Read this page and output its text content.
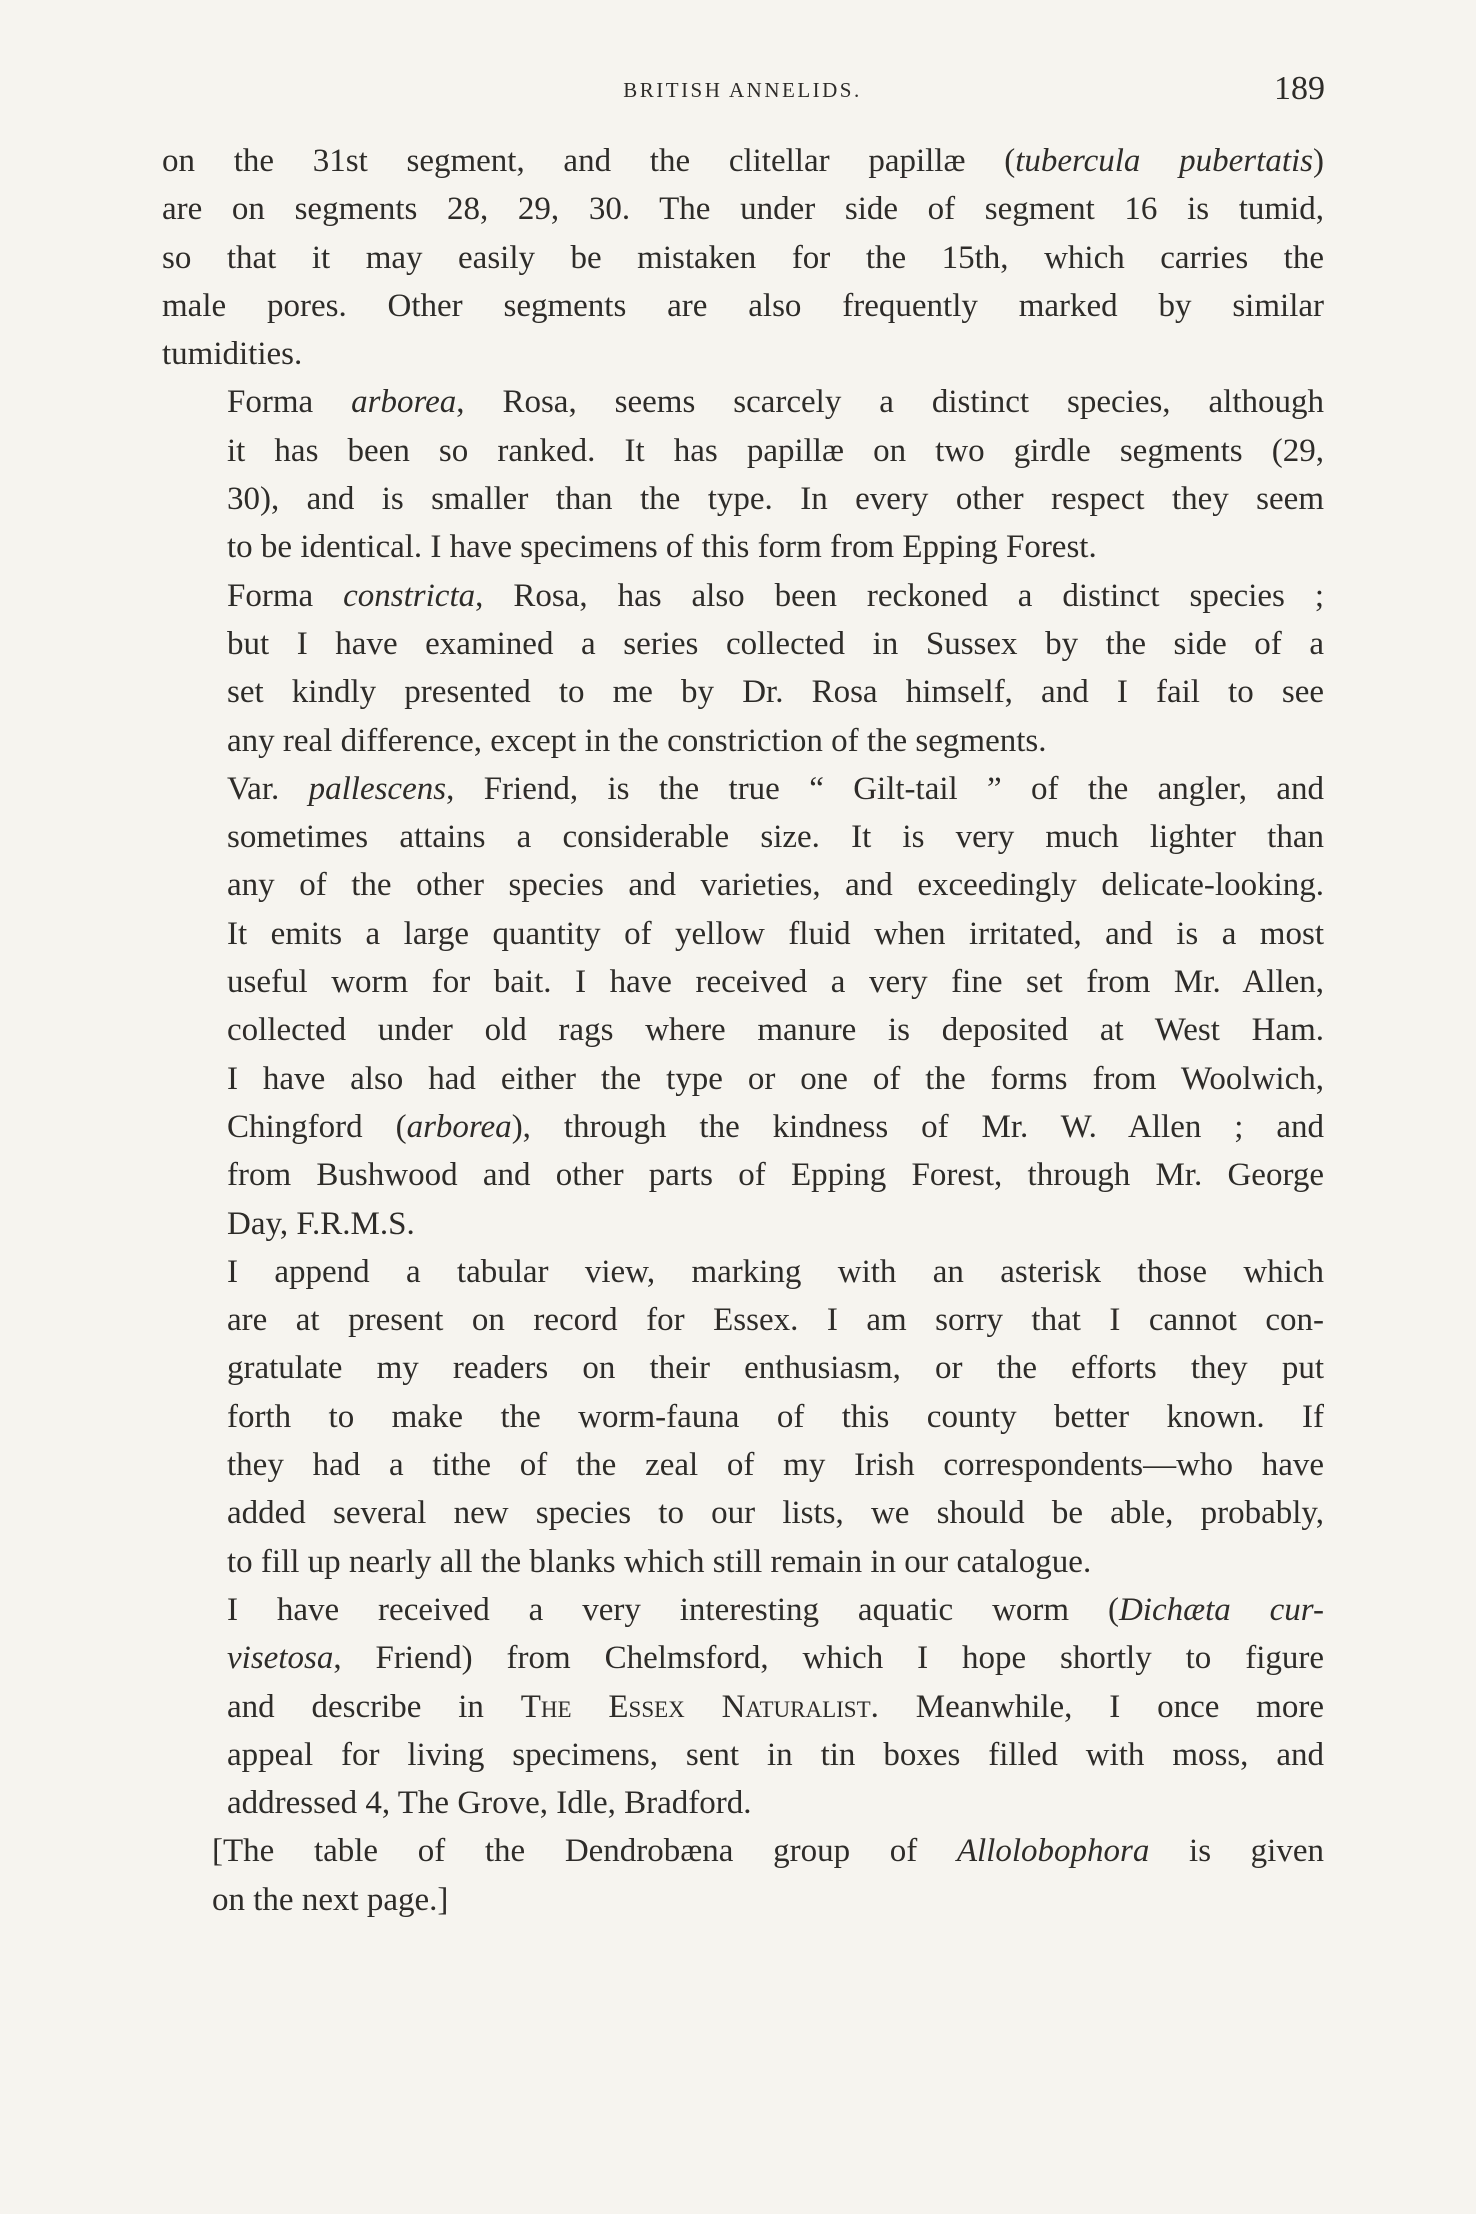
BRITISH ANNELIDS.	189

on the 31st segment, and the clitellar papillæ (tubercula pubertatis)
are on segments 28, 29, 30. The under side of segment 16 is tumid,
so that it may easily be mistaken for the 15th, which carries the
male pores. Other segments are also frequently marked by similar
tumidities.

Forma arborea, Rosa, seems scarcely a distinct species, although
it has been so ranked. It has papillæ on two girdle segments (29,
30), and is smaller than the type. In every other respect they seem
to be identical. I have specimens of this form from Epping Forest.

Forma constricta, Rosa, has also been reckoned a distinct species ;
but I have examined a series collected in Sussex by the side of a
set kindly presented to me by Dr. Rosa himself, and I fail to see
any real difference, except in the constriction of the segments.

Var. pallescens, Friend, is the true “ Gilt-tail ” of the angler, and
sometimes attains a considerable size. It is very much lighter than
any of the other species and varieties, and exceedingly delicate-looking.
It emits a large quantity of yellow fluid when irritated, and is a most
useful worm for bait. I have received a very fine set from Mr. Allen,
collected under old rags where manure is deposited at West Ham.
I have also had either the type or one of the forms from Woolwich,
Chingford (arborea), through the kindness of Mr. W. Allen ; and
from Bushwood and other parts of Epping Forest, through Mr. George
Day, F.R.M.S.

I append a tabular view, marking with an asterisk those which
are at present on record for Essex. I am sorry that I cannot con-
gratulate my readers on their enthusiasm, or the efforts they put
forth to make the worm-fauna of this county better known. If
they had a tithe of the zeal of my Irish correspondents—who have
added several new species to our lists, we should be able, probably,
to fill up nearly all the blanks which still remain in our catalogue.

I have received a very interesting aquatic worm (Dichæta cur-
visetosa, Friend) from Chelmsford, which I hope shortly to figure
and describe in The Essex Naturalist. Meanwhile, I once more
appeal for living specimens, sent in tin boxes filled with moss, and
addressed 4, The Grove, Idle, Bradford.

[The table of the Dendrobæna group of Allolobophora is given
on the next page.]
